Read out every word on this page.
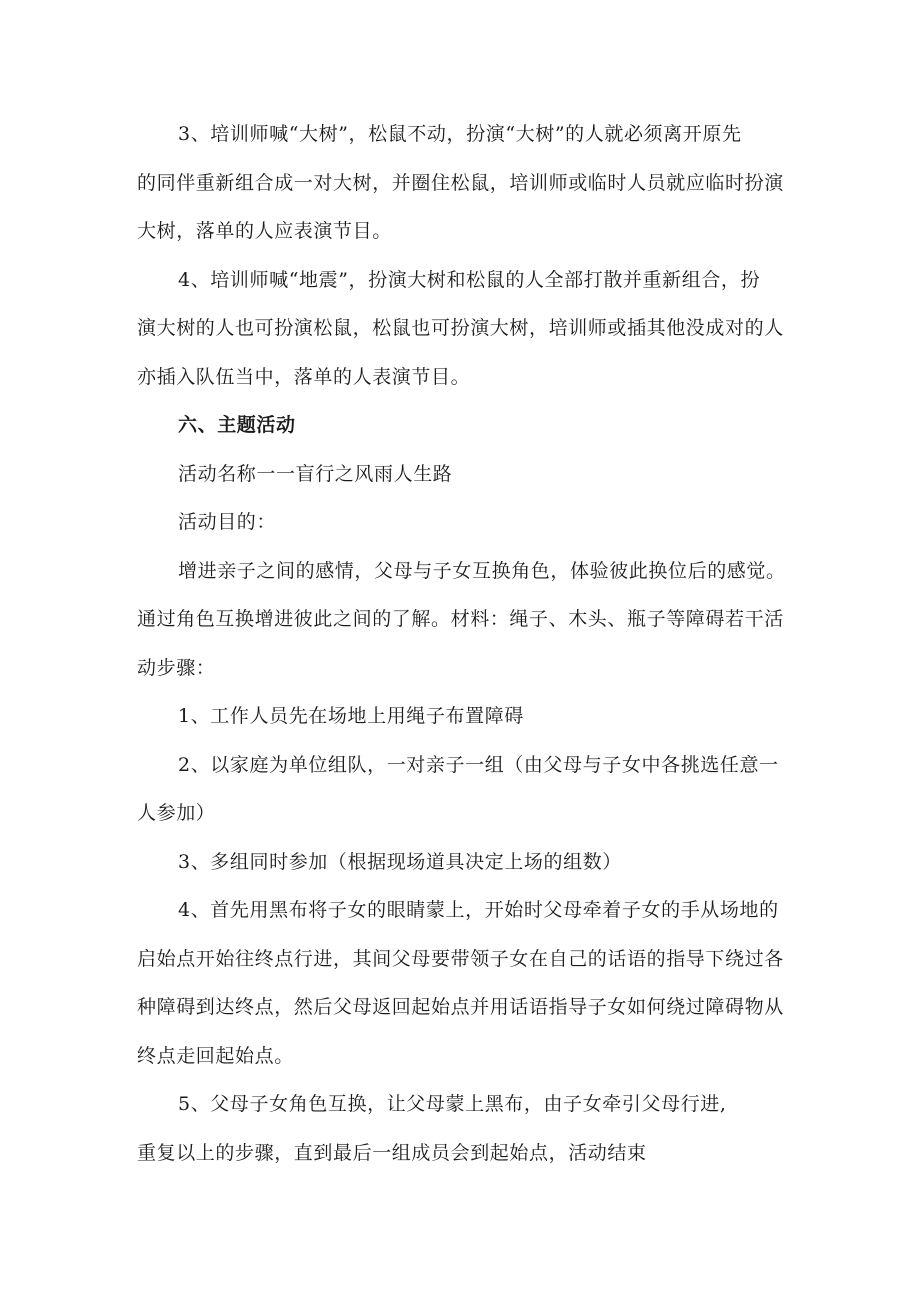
3、培训师喊“大树”，松鼠不动，扮演“大树”的人就必须离开原先
的同伴重新组合成一对大树，并圈住松鼠，培训师或临时人员就应临时扮演
大树，落单的人应表演节目。
4、培训师喊“地震”，扮演大树和松鼠的人全部打散并重新组合，扮
演大树的人也可扮演松鼠，松鼠也可扮演大树，培训师或插其他没成对的人
亦插入队伍当中，落单的人表演节目。
六、主题活动
活动名称一一盲行之风雨人生路
活动目的：
增进亲子之间的感情，父母与子女互换角色，体验彼此换位后的感觉。
通过角色互换增进彼此之间的了解。材料：绳子、木头、瓶子等障碍若干活
动步骤：
1、工作人员先在场地上用绳子布置障碍
2、以家庭为单位组队，一对亲子一组（由父母与子女中各挑选任意一
人参加）
3、多组同时参加（根据现场道具决定上场的组数）
4、首先用黑布将子女的眼睛蒙上，开始时父母牵着子女的手从场地的
启始点开始往终点行进，其间父母要带领子女在自己的话语的指导下绕过各
种障碍到达终点，然后父母返回起始点并用话语指导子女如何绕过障碍物从
终点走回起始点。
5、父母子女角色互换，让父母蒙上黑布，由子女牵引父母行进,
重复以上的步骤，直到最后一组成员会到起始点，活动结束
